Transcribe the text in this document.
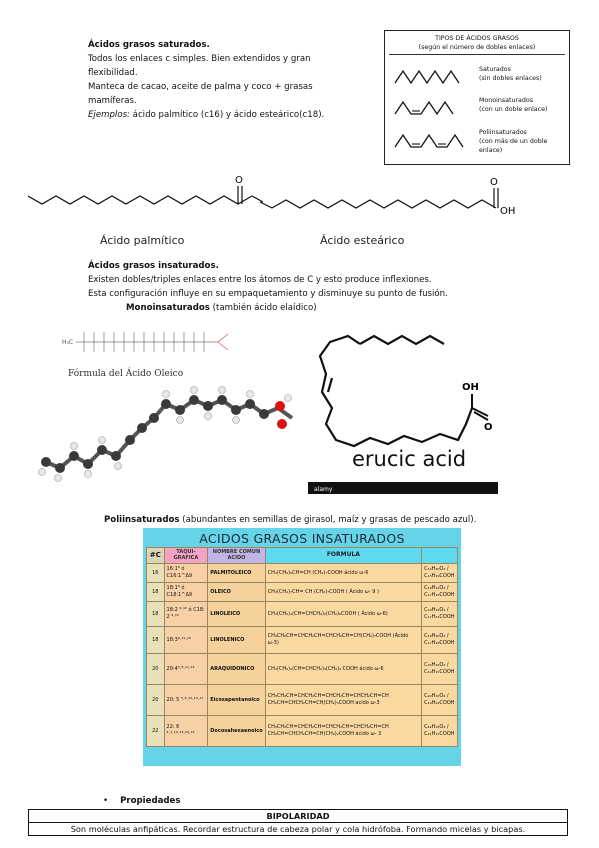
Ácidos grasos saturados.
Todos los enlaces c simples. Bien extendidos y gran
flexibilidad.
Manteca de cacao, aceite de palma y coco + grasas
mamíferas.
Ejemplos: ácido palmítico (c16) y ácido esteárico(c18).
TIPOS DE ÁCIDOS GRASOS
(según el número de dobles enlaces)
Saturados
(sin dobles enlaces)
Monoinsaturados
(con un doble enlace)
Poliinsaturados
(con más de un doble
enlace)
O	O
OH
Ácido palmítico	Ácido esteárico
Ácidos grasos insaturados.
Existen dobles/triples enlaces entre los átomos de C y esto produce inflexiones.
Esta configuración influye en su empaquetamiento y disminuye su punto de fusión.
Monoinsaturados (también ácido elaídico)
H₃C
Fórmula del Ácido Oleico
OH
O
erucic acid
alamy
Poliinsaturados (abundantes en semillas de girasol, maíz y grasas de pescado azul).
ACIDOS GRASOS INSATURADOS
#C	TAQUI-GRAFICA	NOMBRE COMUN ACIDO	FORMULA	
16	16:1⁹ ó C16:1^Δ9	PALMITOLEICO	CH₃(CH₂)₅CH=CH (CH₂)₇COOH ácido ω-6	C₁₆H₃₀O₂ / C₁₅H₂₉COOH
18	18:1⁹ ó C18:1^Δ9	OLEICO	CH₃(CH₂)₇CH= CH (CH₂)₇COOH ( Ácido ω- 9 )	C₁₈H₃₄O₂ / C₁₇H₃₃COOH
18	18:2 ⁹·¹² ó C18: 2 ⁹·¹²	LINOLEICO	CH₃(CH₂)₄(CH=CHCH₂)₂(CH₂)₆COOH ( Ácido ω-6)	C₁₈H₃₂O₂ / C₁₇H₃₁COOH
18	18:3⁹·¹²·¹⁵	LINOLENICO	CH₃CH₂CH=CHCH₂CH=CHCH₂CH=CH(CH₂)₇COOH (Ácido ω-3)	C₁₈H₃₀O₂ / C₁₇H₂₉COOH
20	20:4⁵·⁸·¹¹·¹⁴	ARAQUIDONICO	CH₃(CH₂)₄(CH=CHCH₂)₄(CH₂)₂ COOH ácido ω-6	C₂₀H₃₂O₂ / C₁₉H₃₁COOH
20	20: 5 ⁵·⁸·¹¹·¹⁴·¹⁷	Eicosapentanoico	CH₃CH₂CH=CHCH₂CH=CHCH₂CH=CHCH₂CH=CH CH₂CH=CHCH₂CH=CH(CH₂)₃COOH acido ω-3	C₂₀H₃₀O₂ / C₁₉H₂₉COOH
22	22: 6 ⁴·⁷·¹⁰·¹³·¹⁶·¹⁹	Docosahexaenoico	CH₃CH₂CH=CHCH₂CH=CHCH₂CH=CHCH₂CH=CH CH₂CH=CHCH₂CH=CH(CH₂)₂COOH ácido ω- 3	C₂₂H₃₂O₂ / C₂₁H₃₁COOH
• Propiedades
BIPOLARIDAD
Son moléculas anfipáticas. Recordar estructura de cabeza polar y cola hidrófoba. Formando micelas y bicapas.
